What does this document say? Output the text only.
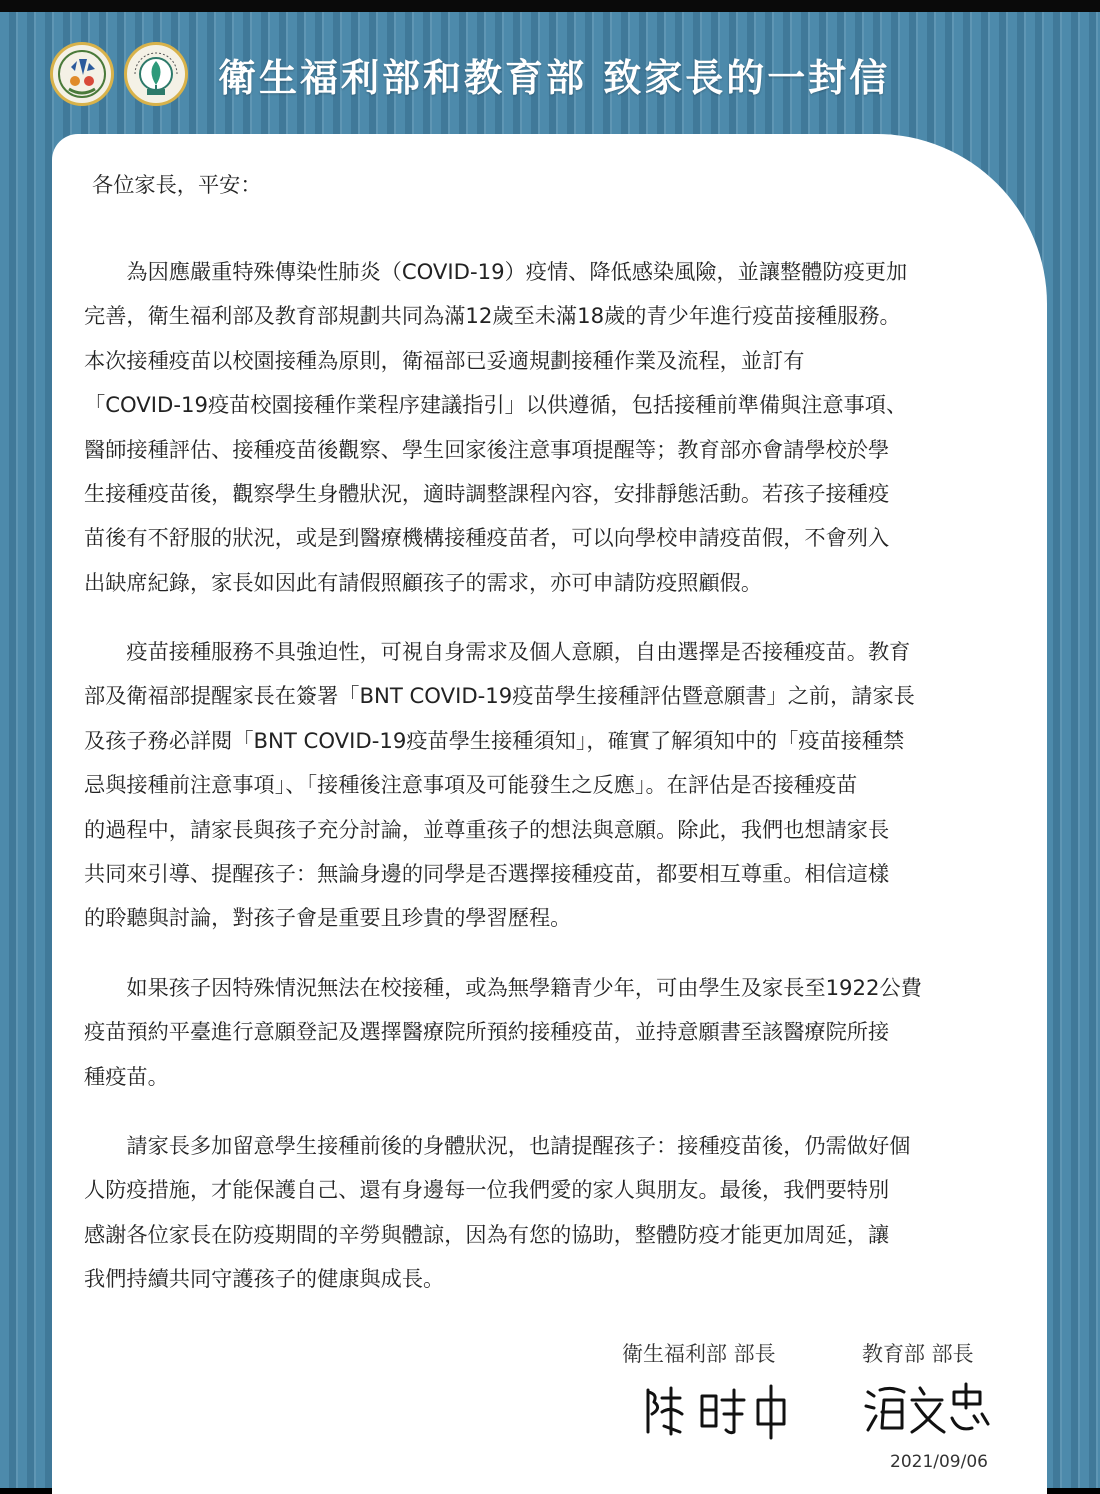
衛生福利部和教育部 致家長的一封信
各位家長，平安：
　　為因應嚴重特殊傳染性肺炎（COVID-19）疫情、降低感染風險，並讓整體防疫更加
完善，衛生福利部及教育部規劃共同為滿12歲至未滿18歲的青少年進行疫苗接種服務。
本次接種疫苗以校園接種為原則，衛福部已妥適規劃接種作業及流程，並訂有
「COVID-19疫苗校園接種作業程序建議指引」以供遵循，包括接種前準備與注意事項、
醫師接種評估、接種疫苗後觀察、學生回家後注意事項提醒等；教育部亦會請學校於學
生接種疫苗後，觀察學生身體狀況，適時調整課程內容，安排靜態活動。若孩子接種疫
苗後有不舒服的狀況，或是到醫療機構接種疫苗者，可以向學校申請疫苗假，不會列入
出缺席紀錄，家長如因此有請假照顧孩子的需求，亦可申請防疫照顧假。
　　疫苗接種服務不具強迫性，可視自身需求及個人意願，自由選擇是否接種疫苗。教育
部及衛福部提醒家長在簽署「BNT COVID-19疫苗學生接種評估暨意願書」之前，請家長
及孩子務必詳閱「BNT COVID-19疫苗學生接種須知」，確實了解須知中的「疫苗接種禁
忌與接種前注意事項」、「接種後注意事項及可能發生之反應」。在評估是否接種疫苗
的過程中，請家長與孩子充分討論，並尊重孩子的想法與意願。除此，我們也想請家長
共同來引導、提醒孩子：無論身邊的同學是否選擇接種疫苗，都要相互尊重。相信這樣
的聆聽與討論，對孩子會是重要且珍貴的學習歷程。
　　如果孩子因特殊情況無法在校接種，或為無學籍青少年，可由學生及家長至1922公費
疫苗預約平臺進行意願登記及選擇醫療院所預約接種疫苗，並持意願書至該醫療院所接
種疫苗。
　　請家長多加留意學生接種前後的身體狀況，也請提醒孩子：接種疫苗後，仍需做好個
人防疫措施，才能保護自己、還有身邊每一位我們愛的家人與朋友。最後，我們要特別
感謝各位家長在防疫期間的辛勞與體諒，因為有您的協助，整體防疫才能更加周延，讓
我們持續共同守護孩子的健康與成長。
衛生福利部 部長	教育部 部長
2021/09/06
